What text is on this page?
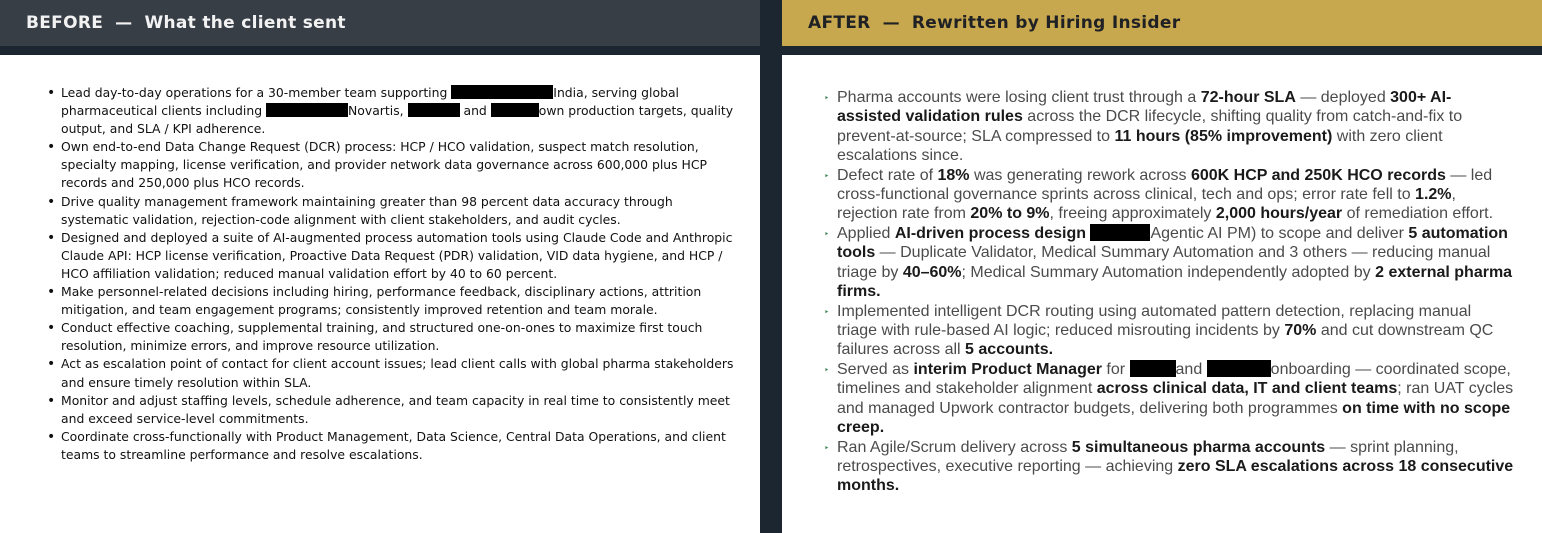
BEFORE — What the client sent	AFTER — Rewritten by Hiring Insider
• Lead day-to-day operations for a 30-member team supporting	India, serving global pharmaceutical clients including	Novartis,	and	own production targets, quality output, and SLA / KPI adherence.
• Own end-to-end Data Change Request (DCR) process: HCP / HCO validation, suspect match resolution, specialty mapping, license verification, and provider network data governance across 600,000 plus HCP records and 250,000 plus HCO records.
• Drive quality management framework maintaining greater than 98 percent data accuracy through systematic validation, rejection-code alignment with client stakeholders, and audit cycles.
• Designed and deployed a suite of AI-augmented process automation tools using Claude Code and Anthropic Claude API: HCP license verification, Proactive Data Request (PDR) validation, VID data hygiene, and HCP / HCO affiliation validation; reduced manual validation effort by 40 to 60 percent.
• Make personnel-related decisions including hiring, performance feedback, disciplinary actions, attrition mitigation, and team engagement programs; consistently improved retention and team morale.
• Conduct effective coaching, supplemental training, and structured one-on-ones to maximize first touch resolution, minimize errors, and improve resource utilization.
• Act as escalation point of contact for client account issues; lead client calls with global pharma stakeholders and ensure timely resolution within SLA.
• Monitor and adjust staffing levels, schedule adherence, and team capacity in real time to consistently meet and exceed service-level commitments.
• Coordinate cross-functionally with Product Management, Data Science, Central Data Operations, and client teams to streamline performance and resolve escalations.
‣ Pharma accounts were losing client trust through a 72-hour SLA — deployed 300+ AI-assisted validation rules across the DCR lifecycle, shifting quality from catch-and-fix to prevent-at-source; SLA compressed to 11 hours (85% improvement) with zero client escalations since.
‣ Defect rate of 18% was generating rework across 600K HCP and 250K HCO records — led cross-functional governance sprints across clinical, tech and ops; error rate fell to 1.2%, rejection rate from 20% to 9%, freeing approximately 2,000 hours/year of remediation effort.
‣ Applied AI-driven process design	Agentic AI PM) to scope and deliver 5 automation tools — Duplicate Validator, Medical Summary Automation and 3 others — reducing manual triage by 40–60%; Medical Summary Automation independently adopted by 2 external pharma firms.
‣ Implemented intelligent DCR routing using automated pattern detection, replacing manual triage with rule-based AI logic; reduced misrouting incidents by 70% and cut downstream QC failures across all 5 accounts.
‣ Served as interim Product Manager for	and	onboarding — coordinated scope, timelines and stakeholder alignment across clinical data, IT and client teams; ran UAT cycles and managed Upwork contractor budgets, delivering both programmes on time with no scope creep.
‣ Ran Agile/Scrum delivery across 5 simultaneous pharma accounts — sprint planning, retrospectives, executive reporting — achieving zero SLA escalations across 18 consecutive months.
